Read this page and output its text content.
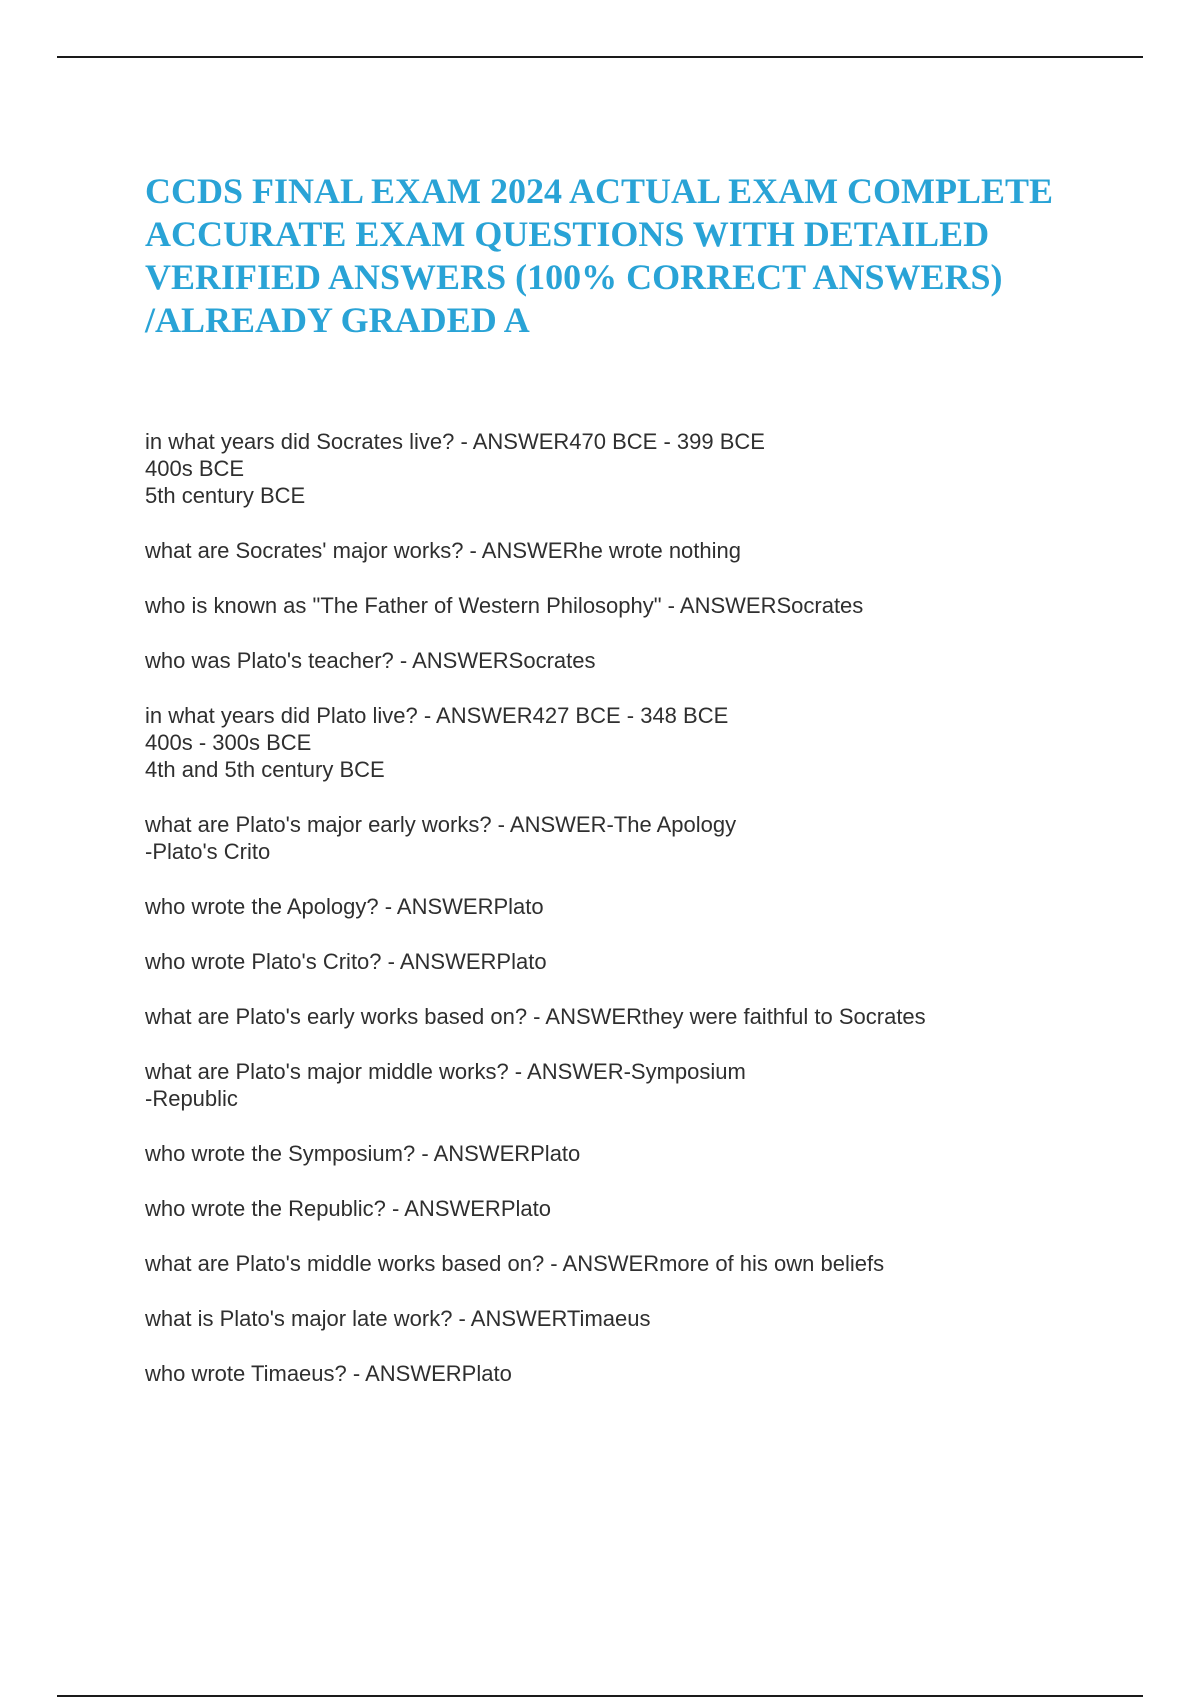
CCDS FINAL EXAM 2024 ACTUAL EXAM COMPLETE ACCURATE EXAM QUESTIONS WITH DETAILED VERIFIED ANSWERS (100% CORRECT ANSWERS) /ALREADY GRADED A
in what years did Socrates live? - ANSWER470 BCE - 399 BCE
400s BCE
5th century BCE
what are Socrates' major works? - ANSWERhe wrote nothing
who is known as "The Father of Western Philosophy" - ANSWERSocrates
who was Plato's teacher? - ANSWERSocrates
in what years did Plato live? - ANSWER427 BCE - 348 BCE
400s - 300s BCE
4th and 5th century BCE
what are Plato's major early works? - ANSWER-The Apology
-Plato's Crito
who wrote the Apology? - ANSWERPlato
who wrote Plato's Crito? - ANSWERPlato
what are Plato's early works based on? - ANSWERthey were faithful to Socrates
what are Plato's major middle works? - ANSWER-Symposium
-Republic
who wrote the Symposium? - ANSWERPlato
who wrote the Republic? - ANSWERPlato
what are Plato's middle works based on? - ANSWERmore of his own beliefs
what is Plato's major late work? - ANSWERTimaeus
who wrote Timaeus? - ANSWERPlato
